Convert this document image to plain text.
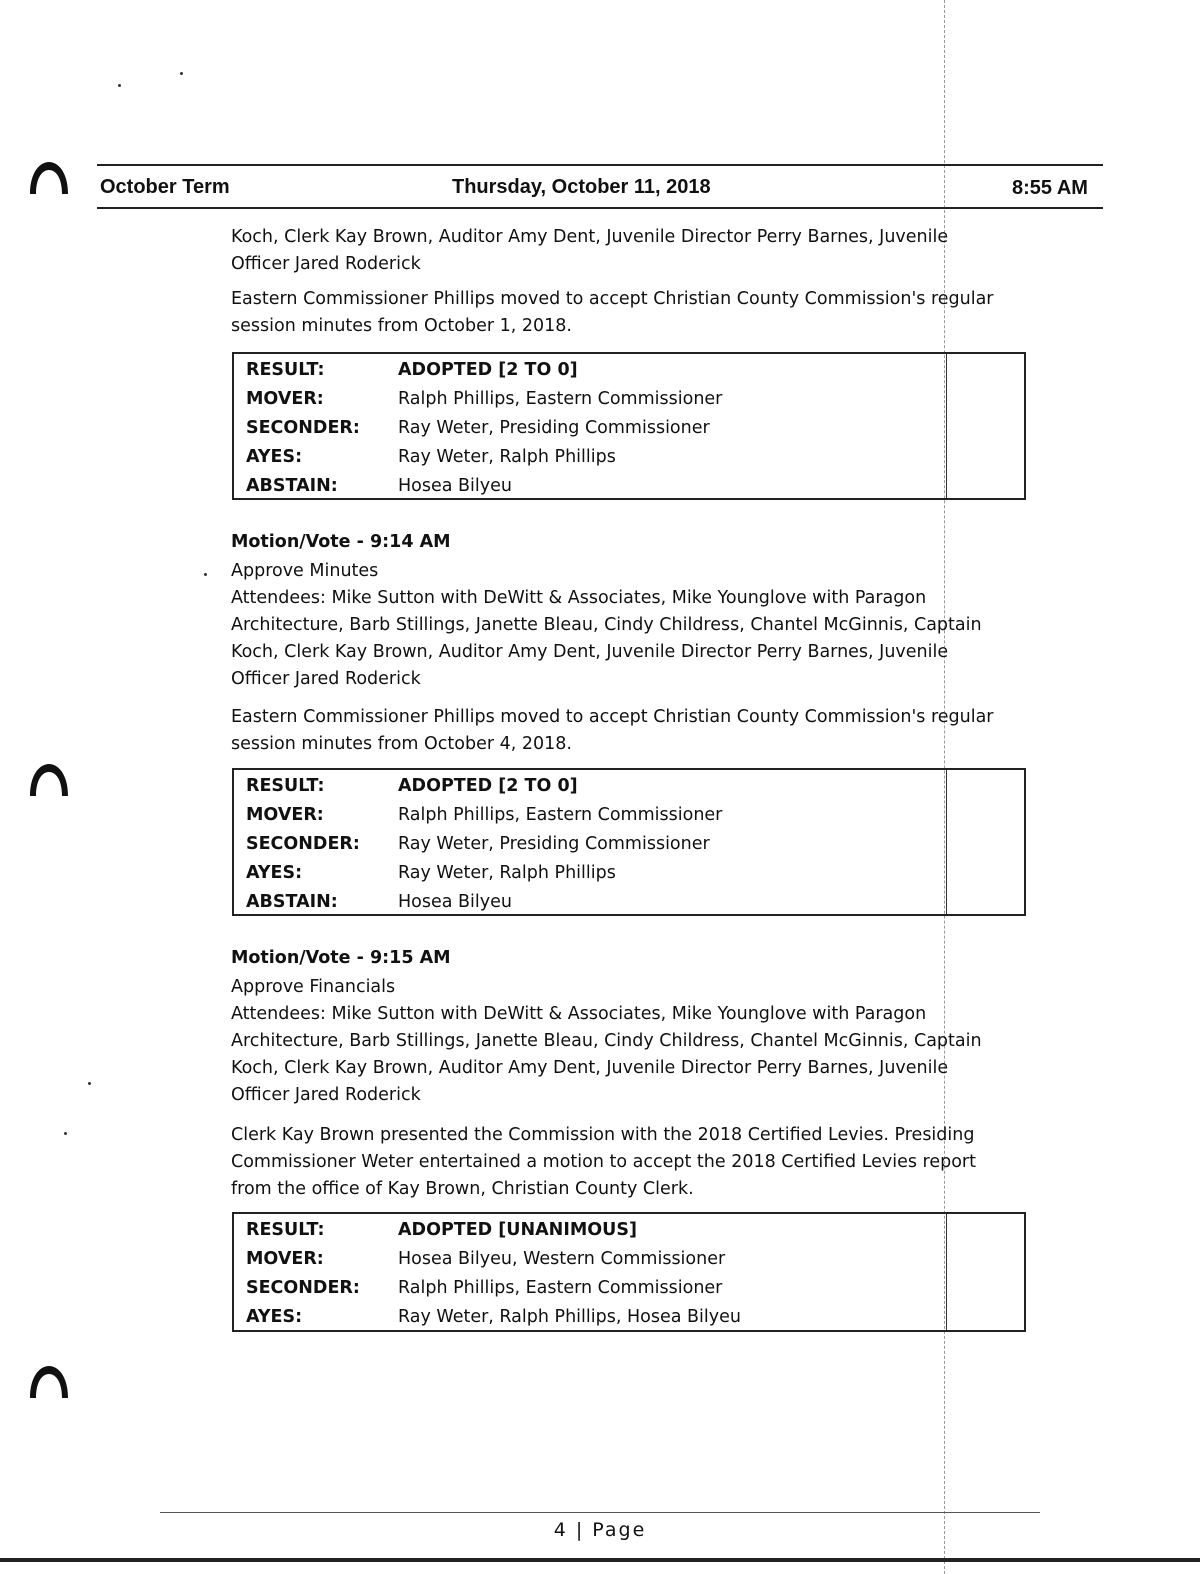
October Term	Thursday, October 11, 2018	8:55 AM
Koch, Clerk Kay Brown, Auditor Amy Dent, Juvenile Director Perry Barnes, Juvenile
Officer Jared Roderick
Eastern Commissioner Phillips moved to accept Christian County Commission's regular
session minutes from October 1, 2018.
RESULT:	ADOPTED [2 TO 0]
MOVER:	Ralph Phillips, Eastern Commissioner
SECONDER: Ray Weter, Presiding Commissioner
AYES:	Ray Weter, Ralph Phillips
ABSTAIN:	Hosea Bilyeu
Motion/Vote - 9:14 AM
Approve Minutes
Attendees: Mike Sutton with DeWitt & Associates, Mike Younglove with Paragon
Architecture, Barb Stillings, Janette Bleau, Cindy Childress, Chantel McGinnis, Captain
Koch, Clerk Kay Brown, Auditor Amy Dent, Juvenile Director Perry Barnes, Juvenile
Officer Jared Roderick
Eastern Commissioner Phillips moved to accept Christian County Commission's regular
session minutes from October 4, 2018.
RESULT:	ADOPTED [2 TO 0]
MOVER:	Ralph Phillips, Eastern Commissioner
SECONDER: Ray Weter, Presiding Commissioner
AYES:	Ray Weter, Ralph Phillips
ABSTAIN:	Hosea Bilyeu
Motion/Vote - 9:15 AM
Approve Financials
Attendees: Mike Sutton with DeWitt & Associates, Mike Younglove with Paragon
Architecture, Barb Stillings, Janette Bleau, Cindy Childress, Chantel McGinnis, Captain
Koch, Clerk Kay Brown, Auditor Amy Dent, Juvenile Director Perry Barnes, Juvenile
Officer Jared Roderick
Clerk Kay Brown presented the Commission with the 2018 Certified Levies. Presiding
Commissioner Weter entertained a motion to accept the 2018 Certified Levies report
from the office of Kay Brown, Christian County Clerk.
RESULT:	ADOPTED [UNANIMOUS]
MOVER:	Hosea Bilyeu, Western Commissioner
SECONDER: Ralph Phillips, Eastern Commissioner
AYES:	Ray Weter, Ralph Phillips, Hosea Bilyeu
4 | Page
